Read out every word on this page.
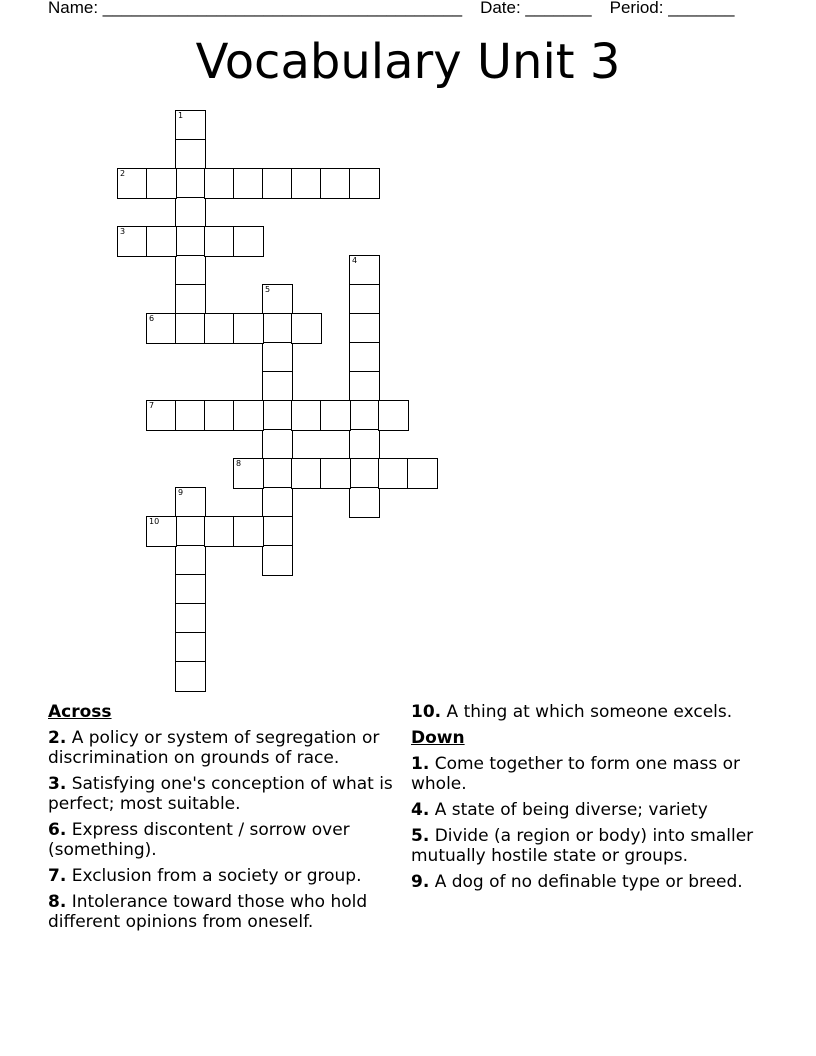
Name: ______________________________________ Date: _______ Period: _______
Vocabulary Unit 3
1
2
3
4
5
6
7
8
9
10
Across
2. A policy or system of segregation or discrimination on grounds of race.
3. Satisfying one's conception of what is perfect; most suitable.
6. Express discontent / sorrow over (something).
7. Exclusion from a society or group.
8. Intolerance toward those who hold different opinions from oneself.
10. A thing at which someone excels.
Down
1. Come together to form one mass or whole.
4. A state of being diverse; variety
5. Divide (a region or body) into smaller mutually hostile state or groups.
9. A dog of no definable type or breed.
